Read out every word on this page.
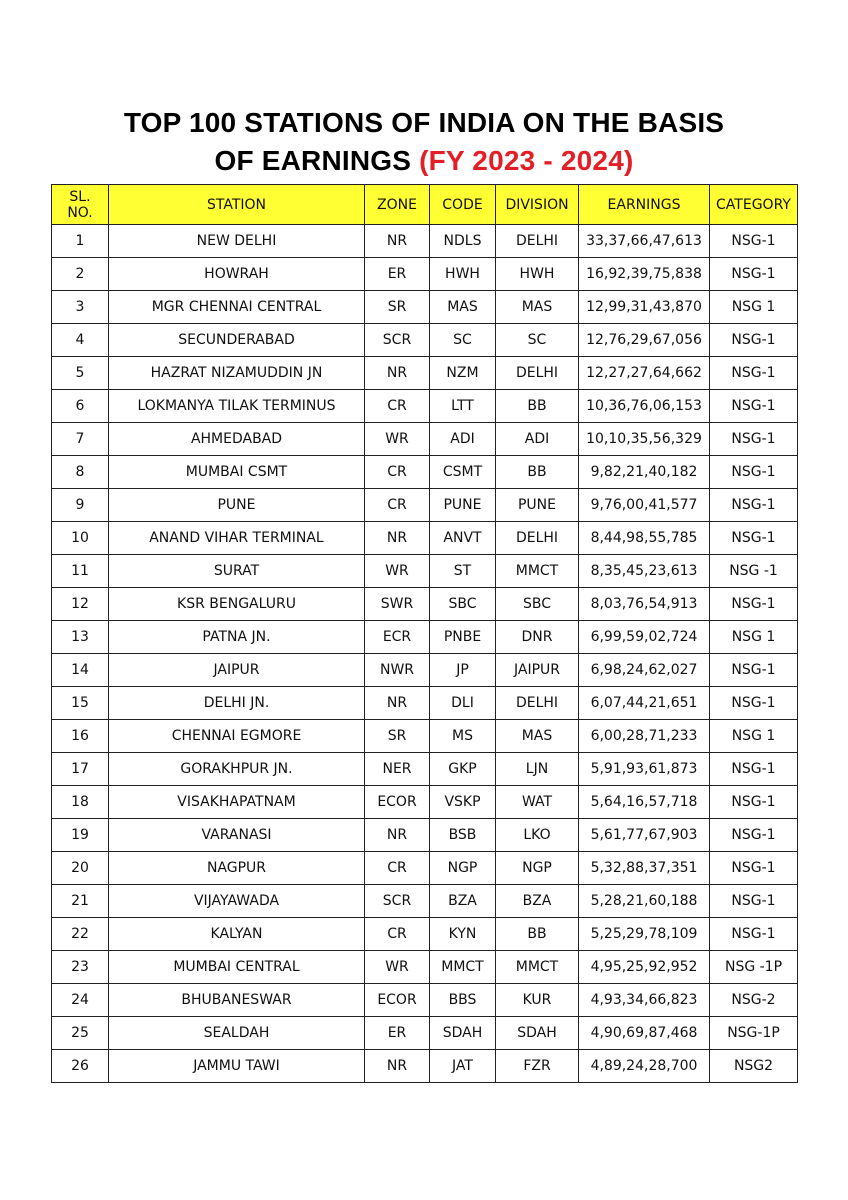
TOP 100 STATIONS OF INDIA ON THE BASIS
OF EARNINGS (FY 2023 - 2024)
SL.
NO.	STATION	ZONE	CODE	DIVISION	EARNINGS	CATEGORY
1	NEW DELHI	NR	NDLS	DELHI	33,37,66,47,613	NSG-1
2	HOWRAH	ER	HWH	HWH	16,92,39,75,838	NSG-1
3	MGR CHENNAI CENTRAL	SR	MAS	MAS	12,99,31,43,870	NSG 1
4	SECUNDERABAD	SCR	SC	SC	12,76,29,67,056	NSG-1
5	HAZRAT NIZAMUDDIN JN	NR	NZM	DELHI	12,27,27,64,662	NSG-1
6	LOKMANYA TILAK TERMINUS	CR	LTT	BB	10,36,76,06,153	NSG-1
7	AHMEDABAD	WR	ADI	ADI	10,10,35,56,329	NSG-1
8	MUMBAI CSMT	CR	CSMT	BB	9,82,21,40,182	NSG-1
9	PUNE	CR	PUNE	PUNE	9,76,00,41,577	NSG-1
10	ANAND VIHAR TERMINAL	NR	ANVT	DELHI	8,44,98,55,785	NSG-1
11	SURAT	WR	ST	MMCT	8,35,45,23,613	NSG -1
12	KSR BENGALURU	SWR	SBC	SBC	8,03,76,54,913	NSG-1
13	PATNA JN.	ECR	PNBE	DNR	6,99,59,02,724	NSG 1
14	JAIPUR	NWR	JP	JAIPUR	6,98,24,62,027	NSG-1
15	DELHI JN.	NR	DLI	DELHI	6,07,44,21,651	NSG-1
16	CHENNAI EGMORE	SR	MS	MAS	6,00,28,71,233	NSG 1
17	GORAKHPUR JN.	NER	GKP	LJN	5,91,93,61,873	NSG-1
18	VISAKHAPATNAM	ECOR	VSKP	WAT	5,64,16,57,718	NSG-1
19	VARANASI	NR	BSB	LKO	5,61,77,67,903	NSG-1
20	NAGPUR	CR	NGP	NGP	5,32,88,37,351	NSG-1
21	VIJAYAWADA	SCR	BZA	BZA	5,28,21,60,188	NSG-1
22	KALYAN	CR	KYN	BB	5,25,29,78,109	NSG-1
23	MUMBAI CENTRAL	WR	MMCT	MMCT	4,95,25,92,952	NSG -1P
24	BHUBANESWAR	ECOR	BBS	KUR	4,93,34,66,823	NSG-2
25	SEALDAH	ER	SDAH	SDAH	4,90,69,87,468	NSG-1P
26	JAMMU TAWI	NR	JAT	FZR	4,89,24,28,700	NSG2
